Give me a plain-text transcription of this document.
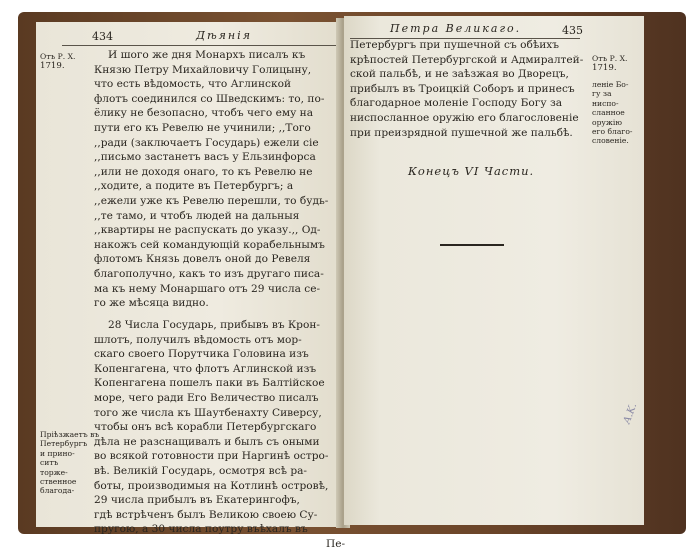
434	Дѣянія
Отъ Р. Х.
1719.
И шого же дня Монархъ писалъ къ
Князю Петру Михайловичу Голицыну,
что есть вѣдомость, что Аглинской
флотъ соединился со Шведскимъ: то, по-
ёлику не безопасно, чтобъ чего ему на
пути его къ Ревелю не учинили; ,,Того
,,ради (заключаетъ Государь) ежели сiе
,,письмо застанетъ васъ у Ельзинфорса
,,или не доходя онаго, то къ Ревелю не
,,ходите, а подите въ Петербургъ; а
,,ежели уже къ Ревелю перешли, то будь-
,,те тамо, и чтобъ людей на дальныя
,,квартиры не распускать до указу.,, Од-
накожъ сей командующiй корабельнымъ
флотомъ Князь довелъ оной до Ревеля
благополучно, какъ то изъ другаго писа-
ма къ нему Монаршаго отъ 29 числа се-
го же мѣсяца видно.
28 Числа Государь, прибывъ въ Крон-
шлотъ, получилъ вѣдомость отъ мор-
скаго своего Порутчика Головина изъ
Копенгагена, что флотъ Аглинской изъ
Копенгагена пошелъ паки въ Балтiйское
море, чего ради Его Величество писалъ
того же числа къ Шаутбенахту Сиверсу,
чтобы онъ всѣ корабли Петербургскаго
дѣла не разснащивалъ и былъ съ оными
во всякой готовности при Наргинѣ остро-
вѣ. Великiй Государь, осмотря всѣ ра-
боты, производимыя на Котлинѣ островѣ,
29 числа прибылъ въ Екатерингофъ,
гдѣ встрѣченъ былъ Великою своею Су-
пругою, а 30 числа поутру въѣхалъ въ
Пе-
Пріѣзжаетъ въ
Петербургъ
и прино-
ситъ
торже-
ственное
благода-
Петра Великаго.	435
Петербургъ при пушечной съ обѣихъ
крѣпостей Петербургской и Адмиралтей-
ской пальбѣ, и не заѣзжая во Дворецъ,
прибылъ въ Троицкiй Соборъ и принесъ
благодарное моленiе Господу Богу за
ниспосланное оружiю его благословенiе
при преизрядной пушечной же пальбѣ.
Отъ Р. Х.
1719.
ленiе Бо-
гу за
ниспо-
сланное
оружiю
его благо-
словенiе.
Конецъ VI Части.
A.K.
